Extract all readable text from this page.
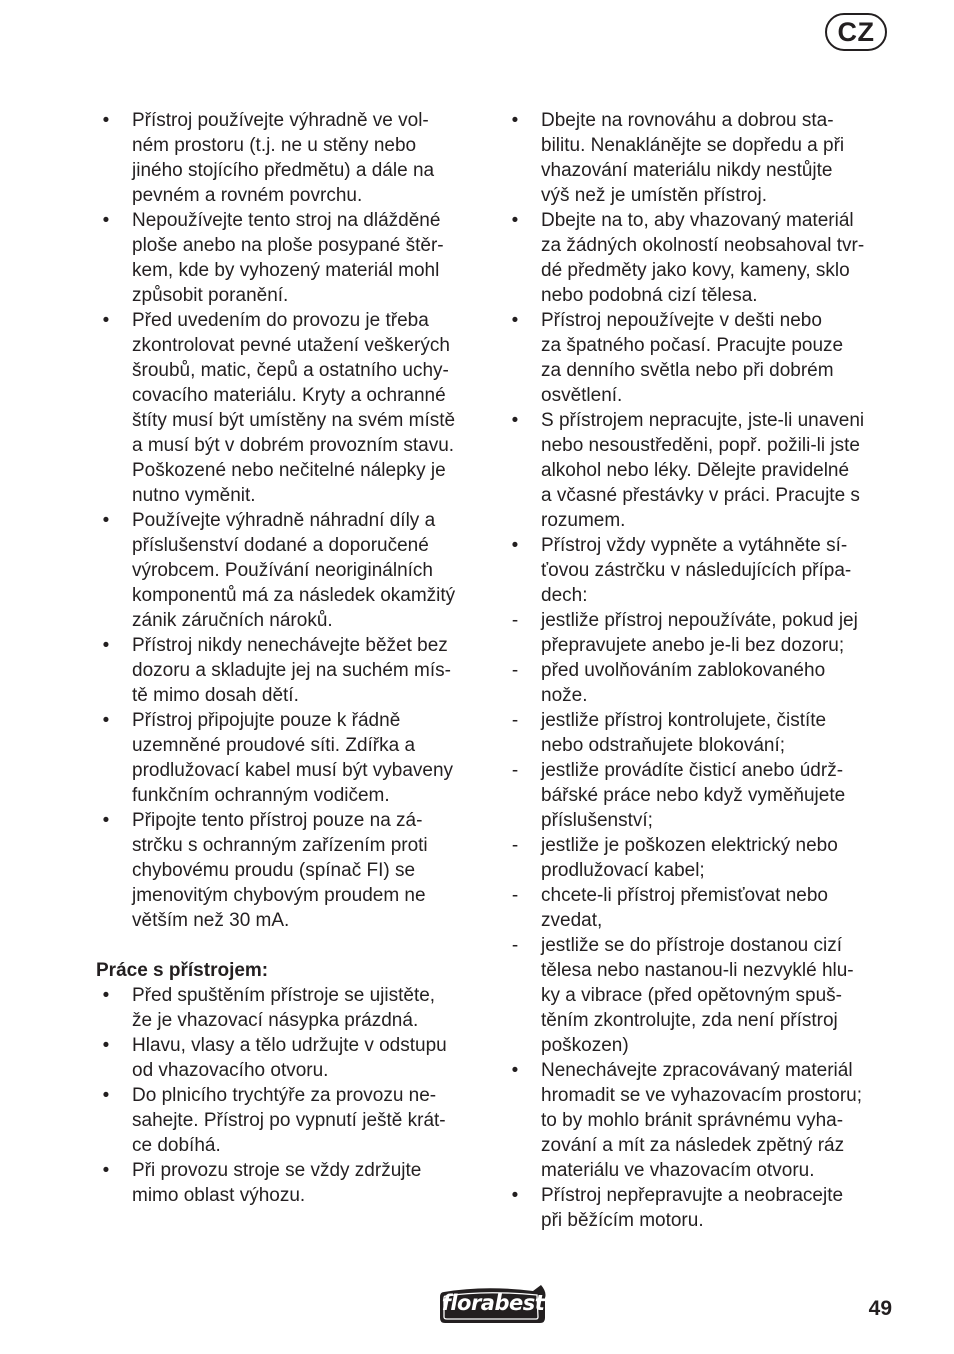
CZ
•	Přístroj používejte výhradně ve vol-
ném prostoru (t.j. ne u stěny nebo
jiného stojícího předmětu) a dále na
pevném a rovném povrchu.
•	Nepoužívejte tento stroj na dlážděné
ploše anebo na ploše posypané štěr-
kem, kde by vyhozený materiál mohl
způsobit poranění.
•	Před uvedením do provozu je třeba
zkontrolovat pevné utažení veškerých
šroubů, matic, čepů a ostatního uchy-
covacího materiálu. Kryty a ochranné
štíty musí být umístěny na svém místě
a musí být v dobrém provozním stavu.
Poškozené nebo nečitelné nálepky je
nutno vyměnit.
•	Používejte výhradně náhradní díly a
příslušenství dodané a doporučené
výrobcem. Používání neoriginálních
komponentů má za následek okamžitý
zánik záručních nároků.
•	Přístroj nikdy nenechávejte běžet bez
dozoru a skladujte jej na suchém mís-
tě mimo dosah dětí.
•	Přístroj připojujte pouze k řádně
uzemněné proudové síti. Zdířka a
prodlužovací kabel musí být vybaveny
funkčním ochranným vodičem.
•	Připojte tento přístroj pouze na zá-
strčku s ochranným zařízením proti
chybovému proudu (spínač FI) se
jmenovitým chybovým proudem ne
větším než 30 mA.
Práce s přístrojem:
•	Před spuštěním přístroje se ujistěte,
že je vhazovací násypka prázdná.
•	Hlavu, vlasy a tělo udržujte v odstupu
od vhazovacího otvoru.
•	Do plnicího trychtýře za provozu ne-
sahejte. Přístroj po vypnutí ještě krát-
ce dobíhá.
•	Při provozu stroje se vždy zdržujte
mimo oblast výhozu.
•	Dbejte na rovnováhu a dobrou sta-
bilitu. Nenaklánějte se dopředu a při
vhazování materiálu nikdy nestůjte
výš než je umístěn přístroj.
•	Dbejte na to, aby vhazovaný materiál
za žádných okolností neobsahoval tvr-
dé předměty jako kovy, kameny, sklo
nebo podobná cizí tělesa.
•	Přístroj nepoužívejte v dešti nebo
za špatného počasí. Pracujte pouze
za denního světla nebo při dobrém
osvětlení.
•	S přístrojem nepracujte, jste-li unaveni
nebo nesoustředěni, popř. požili-li jste
alkohol nebo léky. Dělejte pravidelné
a včasné přestávky v práci. Pracujte s
rozumem.
•	Přístroj vždy vypněte a vytáhněte sí-
ťovou zástrčku v následujících přípa-
dech:
-	jestliže přístroj nepoužíváte, pokud jej
přepravujete anebo je-li bez dozoru;
-	před uvolňováním zablokovaného
nože.
-	jestliže přístroj kontrolujete, čistíte
nebo odstraňujete blokování;
-	jestliže provádíte čisticí anebo údrž-
bářské práce nebo když vyměňujete
příslušenství;
-	jestliže je poškozen elektrický nebo
prodlužovací kabel;
-	chcete-li přístroj přemisťovat nebo
zvedat,
-	jestliže se do přístroje dostanou cizí
tělesa nebo nastanou-li nezvyklé hlu-
ky a vibrace (před opětovným spuš-
těním zkontrolujte, zda není přístroj
poškozen)
•	Nenechávejte zpracovávaný materiál
hromadit se ve vyhazovacím prostoru;
to by mohlo bránit správnému vyha-
zování a mít za následek zpětný ráz
materiálu ve vhazovacím otvoru.
•	Přístroj nepřepravujte a neobracejte
při běžícím motoru.
florabest	49
